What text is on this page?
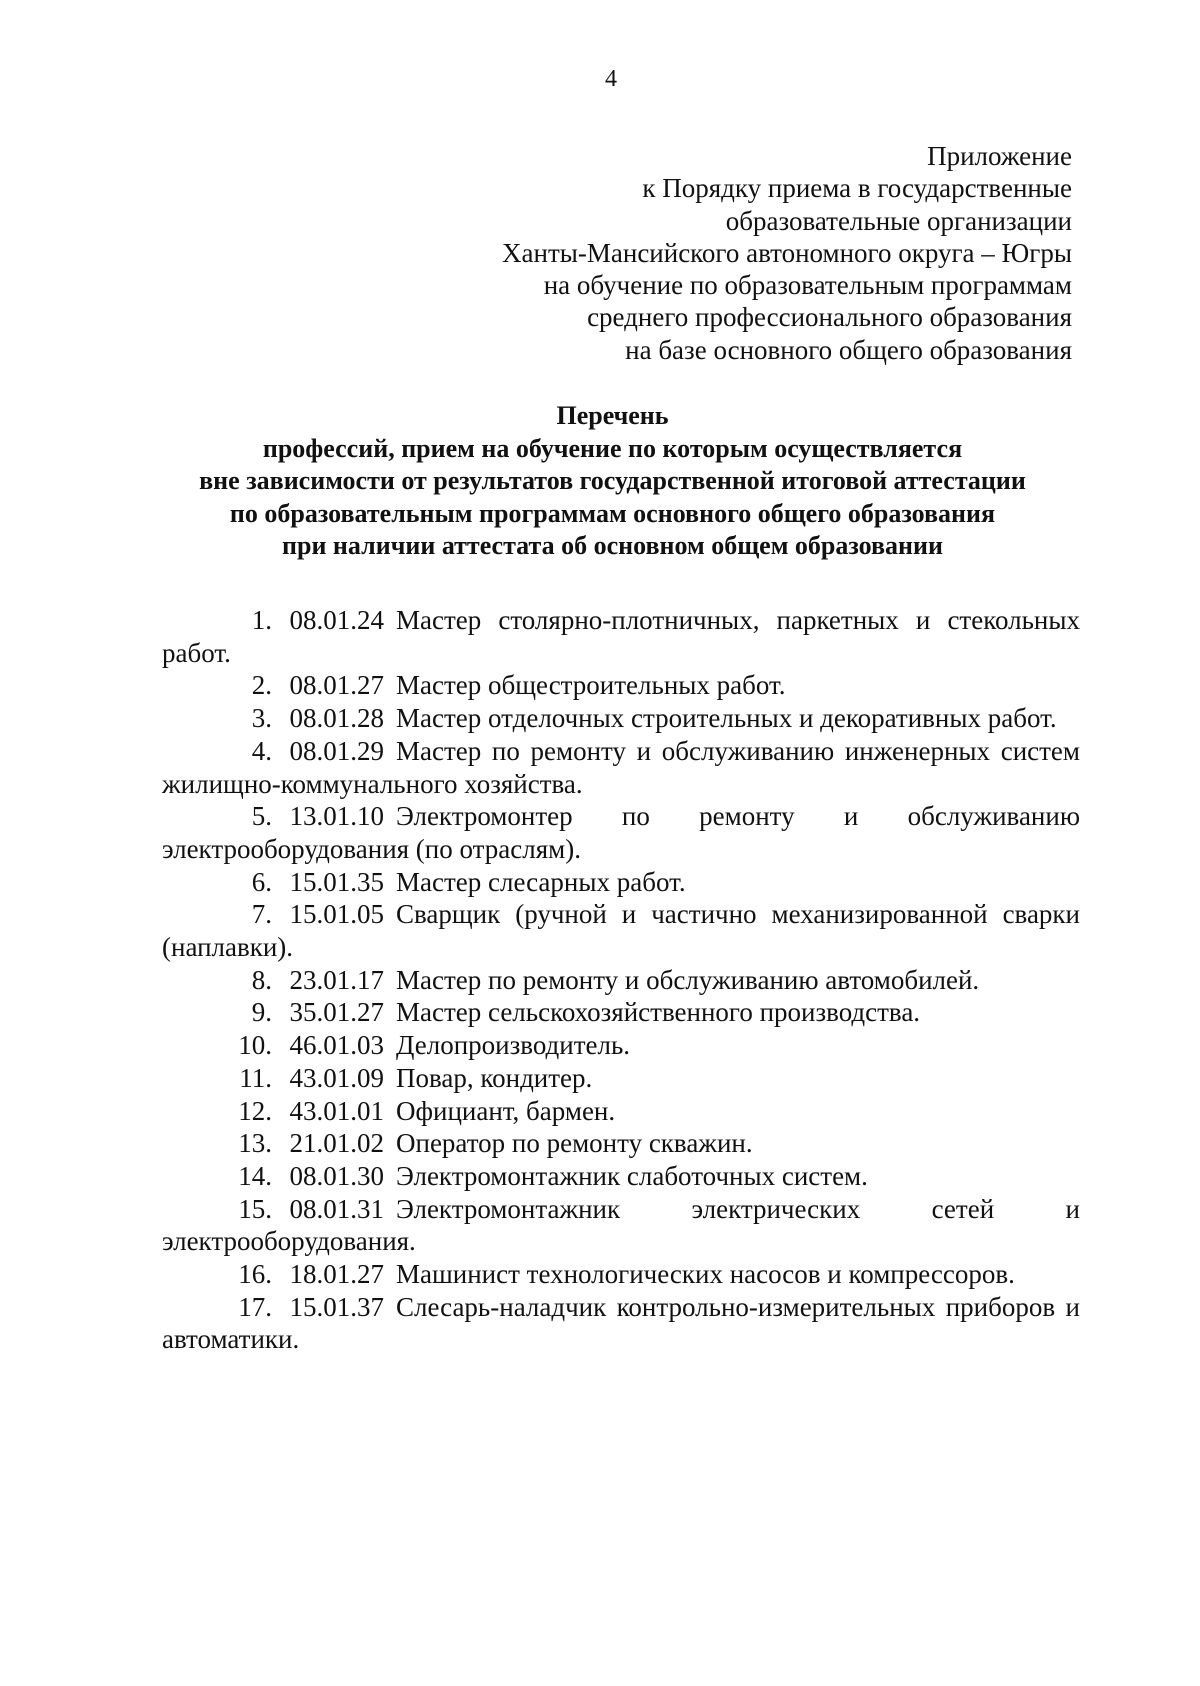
4
Приложение
к Порядку приема в государственные
образовательные организации
Ханты-Мансийского автономного округа – Югры
на обучение по образовательным программам
среднего профессионального образования
на базе основного общего образования
Перечень
профессий, прием на обучение по которым осуществляется
вне зависимости от результатов государственной итоговой аттестации
по образовательным программам основного общего образования
при наличии аттестата об основном общем образовании

1. 08.01.24 Мастер столярно-плотничных, паркетных и стекольных работ.

2. 08.01.27 Мастер общестроительных работ.

3. 08.01.28 Мастер отделочных строительных и декоративных работ.

4. 08.01.29 Мастер по ремонту и обслуживанию инженерных систем жилищно-коммунального хозяйства.

5. 13.01.10 Электромонтер по ремонту и обслуживанию электрооборудования (по отраслям).

6. 15.01.35 Мастер слесарных работ.

7. 15.01.05 Сварщик (ручной и частично механизированной сварки (наплавки).

8. 23.01.17 Мастер по ремонту и обслуживанию автомобилей.

9. 35.01.27 Мастер сельскохозяйственного производства.

10. 46.01.03 Делопроизводитель.

11. 43.01.09 Повар, кондитер.

12. 43.01.01 Официант, бармен.

13. 21.01.02 Оператор по ремонту скважин.

14. 08.01.30 Электромонтажник слаботочных систем.

15. 08.01.31 Электромонтажник электрических сетей и электрооборудования.

16. 18.01.27 Машинист технологических насосов и компрессоров.

17. 15.01.37 Слесарь-наладчик контрольно-измерительных приборов и автоматики.
